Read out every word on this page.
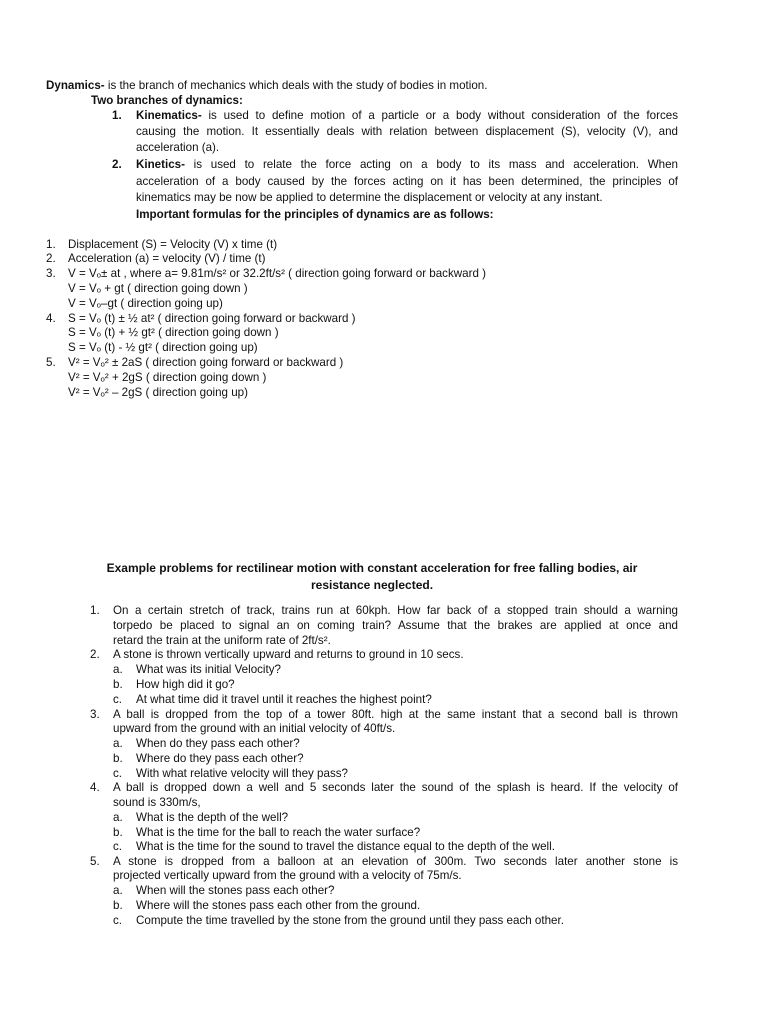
Dynamics- is the branch of mechanics which deals with the study of bodies in motion.
Two branches of dynamics:
1. Kinematics- is used to define motion of a particle or a body without consideration of the forces
causing the motion. It essentially deals with relation between displacement (S), velocity (V), and
acceleration (a).
2. Kinetics- is used to relate the force acting on a body to its mass and acceleration. When
acceleration of a body caused by the forces acting on it has been determined, the principles of
kinematics may be now be applied to determine the displacement or velocity at any instant.
Important formulas for the principles of dynamics are as follows:
1. Displacement (S) = Velocity (V) x time (t)
2. Acceleration (a) = velocity (V) / time (t)
3. V = Vₒ± at , where a= 9.81m/s² or 32.2ft/s² ( direction going forward or backward )
V = Vₒ + gt ( direction going down )
V = Vₒ–gt ( direction going up)
4. S = Vₒ (t) ± ½ at² ( direction going forward or backward )
S = Vₒ (t) + ½ gt² ( direction going down )
S = Vₒ (t) - ½ gt² ( direction going up)
5. V² = Vₒ² ± 2aS ( direction going forward or backward )
V² = Vₒ² + 2gS ( direction going down )
V² = Vₒ² – 2gS ( direction going up)
Example problems for rectilinear motion with constant acceleration for free falling bodies, air
resistance neglected.
1. On a certain stretch of track, trains run at 60kph. How far back of a stopped train should a warning
torpedo be placed to signal an on coming train? Assume that the brakes are applied at once and
retard the train at the uniform rate of 2ft/s².
2. A stone is thrown vertically upward and returns to ground in 10 secs.
a. What was its initial Velocity?
b. How high did it go?
c. At what time did it travel until it reaches the highest point?
3. A ball is dropped from the top of a tower 80ft. high at the same instant that a second ball is thrown
upward from the ground with an initial velocity of 40ft/s.
a. When do they pass each other?
b. Where do they pass each other?
c. With what relative velocity will they pass?
4. A ball is dropped down a well and 5 seconds later the sound of the splash is heard. If the velocity of
sound is 330m/s,
a. What is the depth of the well?
b. What is the time for the ball to reach the water surface?
c. What is the time for the sound to travel the distance equal to the depth of the well.
5. A stone is dropped from a balloon at an elevation of 300m. Two seconds later another stone is
projected vertically upward from the ground with a velocity of 75m/s.
a. When will the stones pass each other?
b. Where will the stones pass each other from the ground.
c. Compute the time travelled by the stone from the ground until they pass each other.
